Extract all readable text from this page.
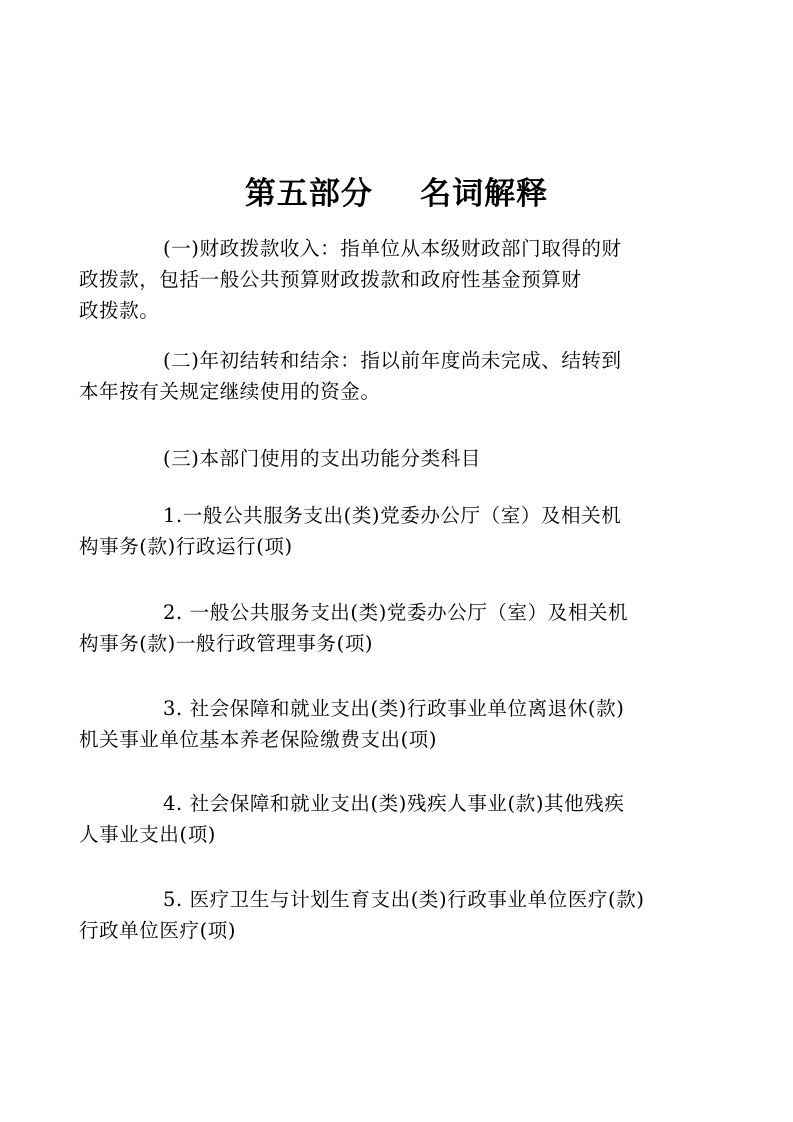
第五部分    名词解释
(一)财政拨款收入：指单位从本级财政部门取得的财
政拨款，包括一般公共预算财政拨款和政府性基金预算财
政拨款。
(二)年初结转和结余：指以前年度尚未完成、结转到
本年按有关规定继续使用的资金。
(三)本部门使用的支出功能分类科目
1.一般公共服务支出(类)党委办公厅（室）及相关机
构事务(款)行政运行(项)
2. 一般公共服务支出(类)党委办公厅（室）及相关机
构事务(款)一般行政管理事务(项)
3. 社会保障和就业支出(类)行政事业单位离退休(款)
机关事业单位基本养老保险缴费支出(项)
4. 社会保障和就业支出(类)残疾人事业(款)其他残疾
人事业支出(项)
5. 医疗卫生与计划生育支出(类)行政事业单位医疗(款)
行政单位医疗(项)
